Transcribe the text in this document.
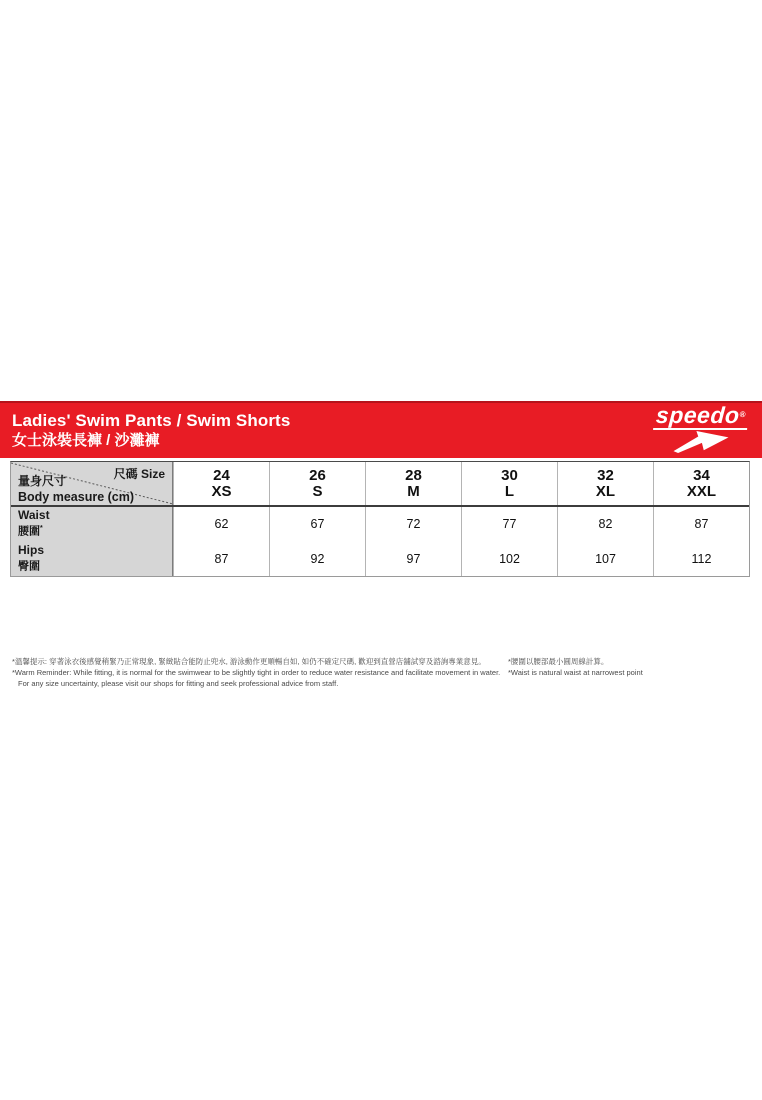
Ladies' Swim Pants / Swim Shorts
女士泳裝長褲 / 沙灘褲
speedo®
尺碼 Size
量身尺寸
Body measure (cm)
24
XS
26
S
28
M
30
L
32
XL
34
XXL
Waist
腰圍*
Hips
臀圍
62
87
67
92
72
97
77
102
82
107
87
112
*溫馨提示: 穿著泳衣後感覺稍緊乃正常現象, 緊緻貼合能防止兜水, 游泳動作更順暢自如, 如仍不確定尺碼, 歡迎到直營店舖試穿及諮詢專業意見。
*Warm Reminder: While fitting, it is normal for the swimwear to be slightly tight in order to reduce water resistance and facilitate movement in water.
For any size uncertainty, please visit our shops for fitting and seek professional advice from staff.
*腰圍以腰部最小圓周線計算。
*Waist is natural waist at narrowest point
